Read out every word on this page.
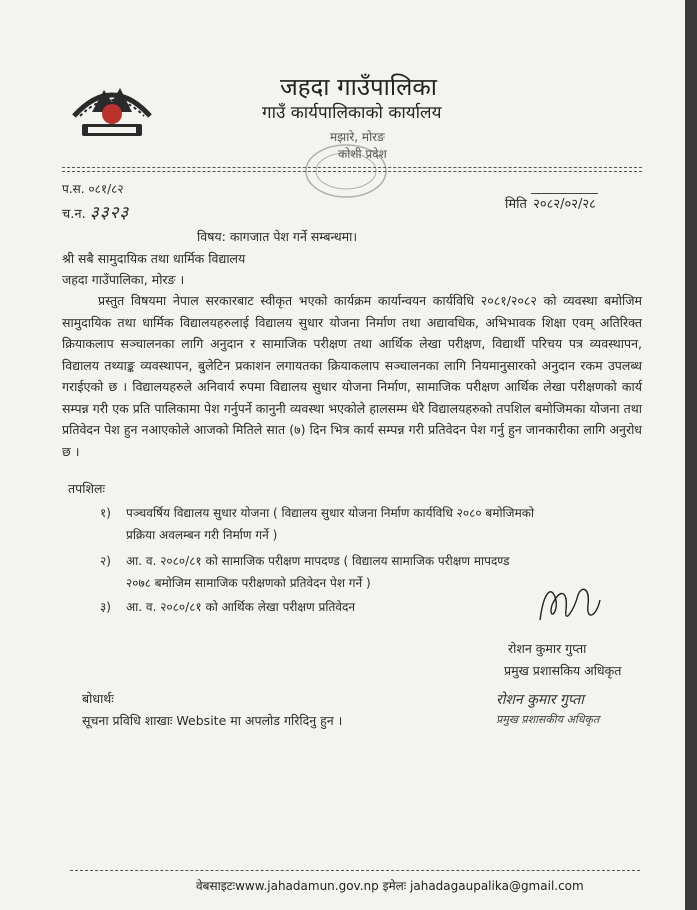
जहदा गाउँपालिका
गाउँ कार्यपालिकाको कार्यालय
मझारे, मोरङ
कोशी प्रदेश
प.स. ०८१/८२
च.न. ३३२३	मिति २०८२/०२/२८
विषय: कागजात पेश गर्ने सम्बन्धमा।
श्री सबै सामुदायिक तथा धार्मिक विद्यालय
जहदा गाउँपालिका, मोरङ ।
प्रस्तुत विषयमा नेपाल सरकारबाट स्वीकृत भएको कार्यक्रम कार्यान्वयन कार्यविधि २०८१/२०८२ को व्यवस्था बमोजिम सामुदायिक तथा धार्मिक विद्यालयहरुलाई विद्यालय सुधार योजना निर्माण तथा अद्यावधिक, अभिभावक शिक्षा एवम् अतिरिक्त क्रियाकलाप सञ्चालनका लागि अनुदान र सामाजिक परीक्षण तथा आर्थिक लेखा परीक्षण, विद्यार्थी परिचय पत्र व्यवस्थापन, विद्यालय तथ्याङ्क व्यवस्थापन, बुलेटिन प्रकाशन लगायतका क्रियाकलाप सञ्चालनका लागि नियमानुसारको अनुदान रकम उपलब्ध गराईएको छ । विद्यालयहरुले अनिवार्य रुपमा विद्यालय सुधार योजना निर्माण, सामाजिक परीक्षण आर्थिक लेखा परीक्षणको कार्य सम्पन्न गरी एक प्रति पालिकामा पेश गर्नुपर्ने कानुनी व्यवस्था भएकोले हालसम्म धेरै विद्यालयहरुको तपशिल बमोजिमका योजना तथा प्रतिवेदन पेश हुन नआएकोले आजको मितिले सात (७) दिन भित्र कार्य सम्पन्न गरी प्रतिवेदन पेश गर्नु हुन जानकारीका लागि अनुरोध छ ।
तपशिलः
१) पञ्चवर्षिय विद्यालय सुधार योजना ( विद्यालय सुधार योजना निर्माण कार्यविधि २०८० बमोजिमको
प्रक्रिया अवलम्बन गरी निर्माण गर्ने )
२) आ. व. २०८०/८१ को सामाजिक परीक्षण मापदण्ड ( विद्यालय सामाजिक परीक्षण मापदण्ड
२०७८ बमोजिम सामाजिक परीक्षणको प्रतिवेदन पेश गर्ने )
३) आ. व. २०८०/८१ को आर्थिक लेखा परीक्षण प्रतिवेदन
रोशन कुमार गुप्ता
प्रमुख प्रशासकिय अधिकृत
रोशन कुमार गुप्ता
प्रमुख प्रशासकीय अधिकृत
बोधार्थः
सूचना प्रविधि शाखाः Website मा अपलोड गरिदिनु हुन ।
वेबसाइटःwww.jahadamun.gov.np इमेलः jahadagaupalika@gmail.com
